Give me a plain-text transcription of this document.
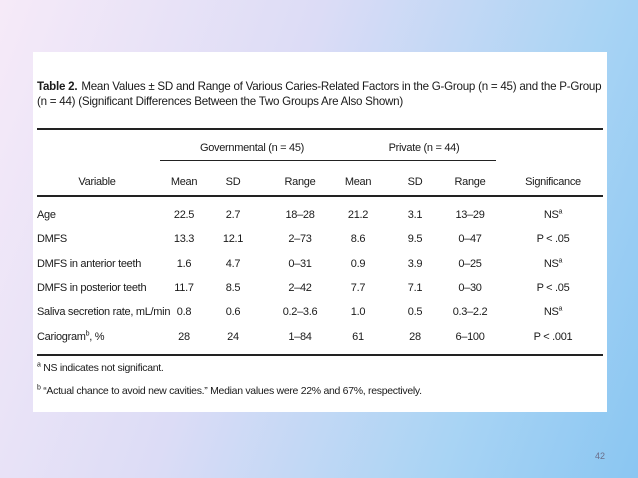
Table 2. Mean Values ± SD and Range of Various Caries-Related Factors in the G-Group (n = 45) and the P-Group (n = 44) (Significant Differences Between the Two Groups Are Also Shown)
Governmental (n = 45)	Private (n = 44)
Variable	Mean	SD	Range	Mean	SD	Range	Significance
Age	22.5	2.7	18–28	21.2	3.1	13–29	$NS^a$
DMFS	13.3	12.1	2–73	8.6	9.5	0–47	P < .05
DMFS in anterior teeth	1.6	4.7	0–31	0.9	3.9	0–25	$NS^a$
DMFS in posterior teeth	11.7	8.5	2–42	7.7	7.1	0–30	P < .05
Saliva secretion rate, mL/min 0.8	0.6	0.2–3.6	1.0	0.5	0.3–2.2	$NS^a$
Cariogram$^b$, %	28	24	1–84	61	28	6–100	P < .001
$^a$ NS indicates not significant.
$^b$ “Actual chance to avoid new cavities.” Median values were 22% and 67%, respectively.
42
